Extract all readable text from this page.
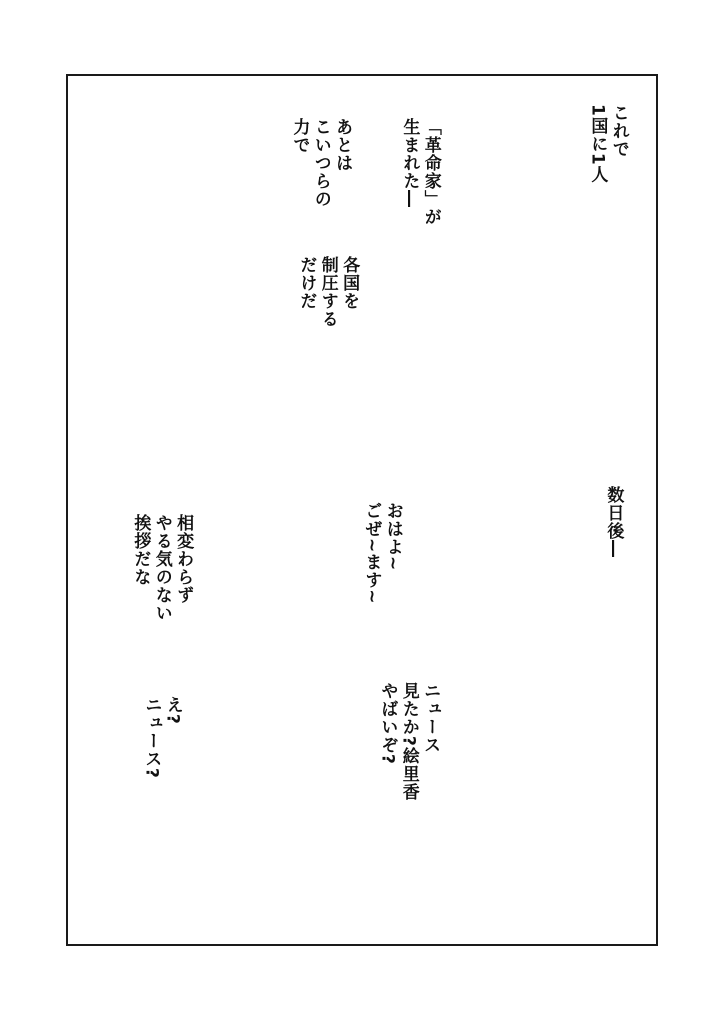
これで
1国に1人
「革命家」が
生まれた―
あとは
こいつらの
力で
各国を
制圧する
だけだ
数日後―
おはよ~
ごぜ~ます~
相変わらず
やる気のない
挨拶だな
ニュース
見たか?絵里香
やばいぞ?
え?
ニュース?
